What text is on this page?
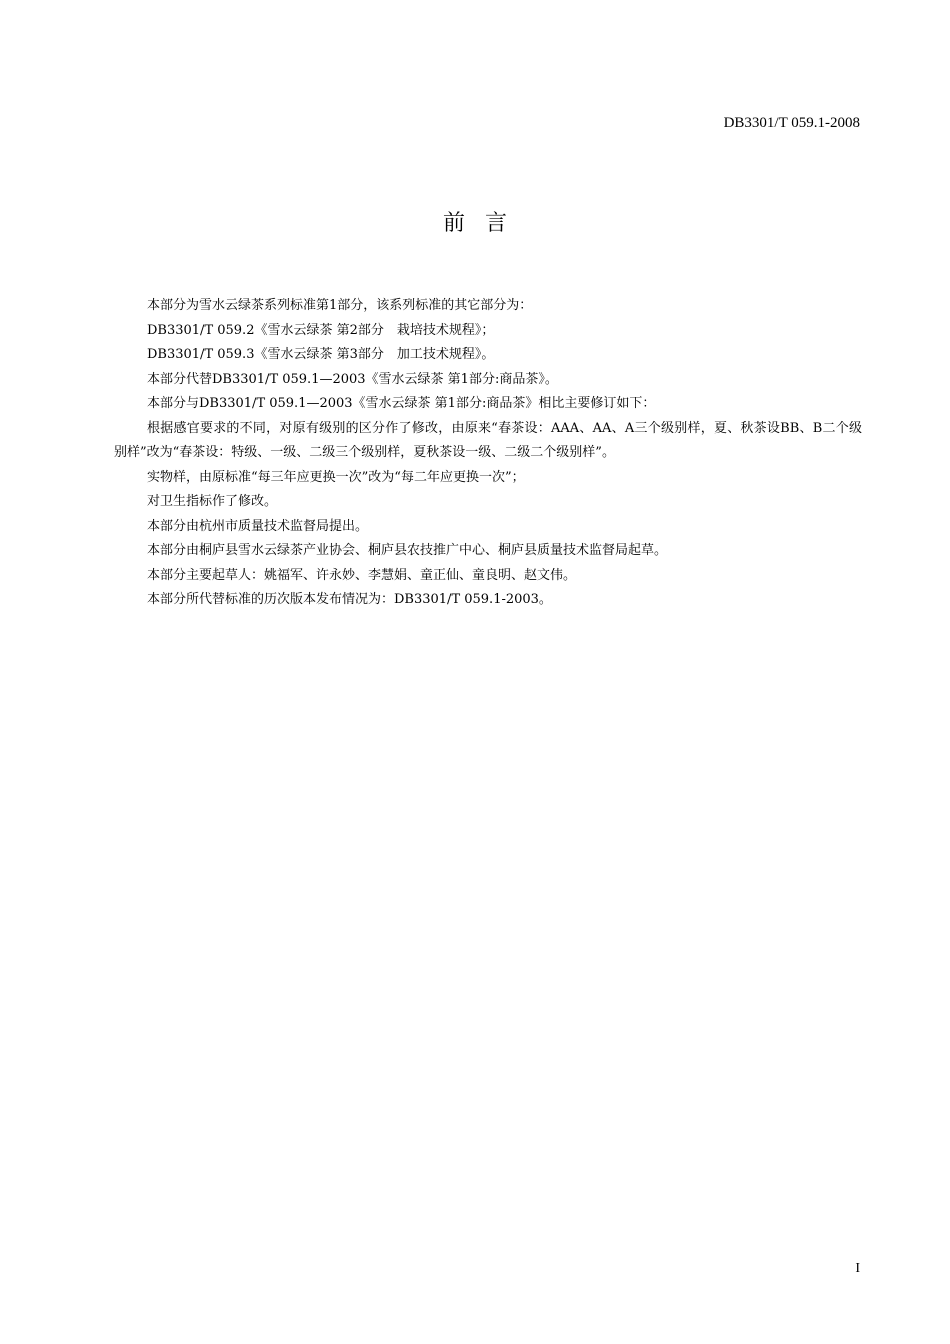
DB3301/T 059.1-2008
前言

本部分为雪水云绿茶系列标准第1部分，该系列标准的其它部分为：

DB3301/T 059.2《雪水云绿茶 第2部分　栽培技术规程》；

DB3301/T 059.3《雪水云绿茶 第3部分　加工技术规程》。

本部分代替DB3301/T 059.1—2003《雪水云绿茶 第1部分:商品茶》。

本部分与DB3301/T 059.1—2003《雪水云绿茶 第1部分:商品茶》相比主要修订如下：

根据感官要求的不同，对原有级别的区分作了修改，由原来“春茶设：AAA、AA、A三个级别样，夏、秋茶设BB、B二个级别样”改为“春茶设：特级、一级、二级三个级别样，夏秋茶设一级、二级二个级别样”。

实物样，由原标准“每三年应更换一次”改为“每二年应更换一次”；

对卫生指标作了修改。

本部分由杭州市质量技术监督局提出。

本部分由桐庐县雪水云绿茶产业协会、桐庐县农技推广中心、桐庐县质量技术监督局起草。

本部分主要起草人：姚福军、许永妙、李慧娟、童正仙、童良明、赵文伟。

本部分所代替标准的历次版本发布情况为：DB3301/T 059.1-2003。

I
